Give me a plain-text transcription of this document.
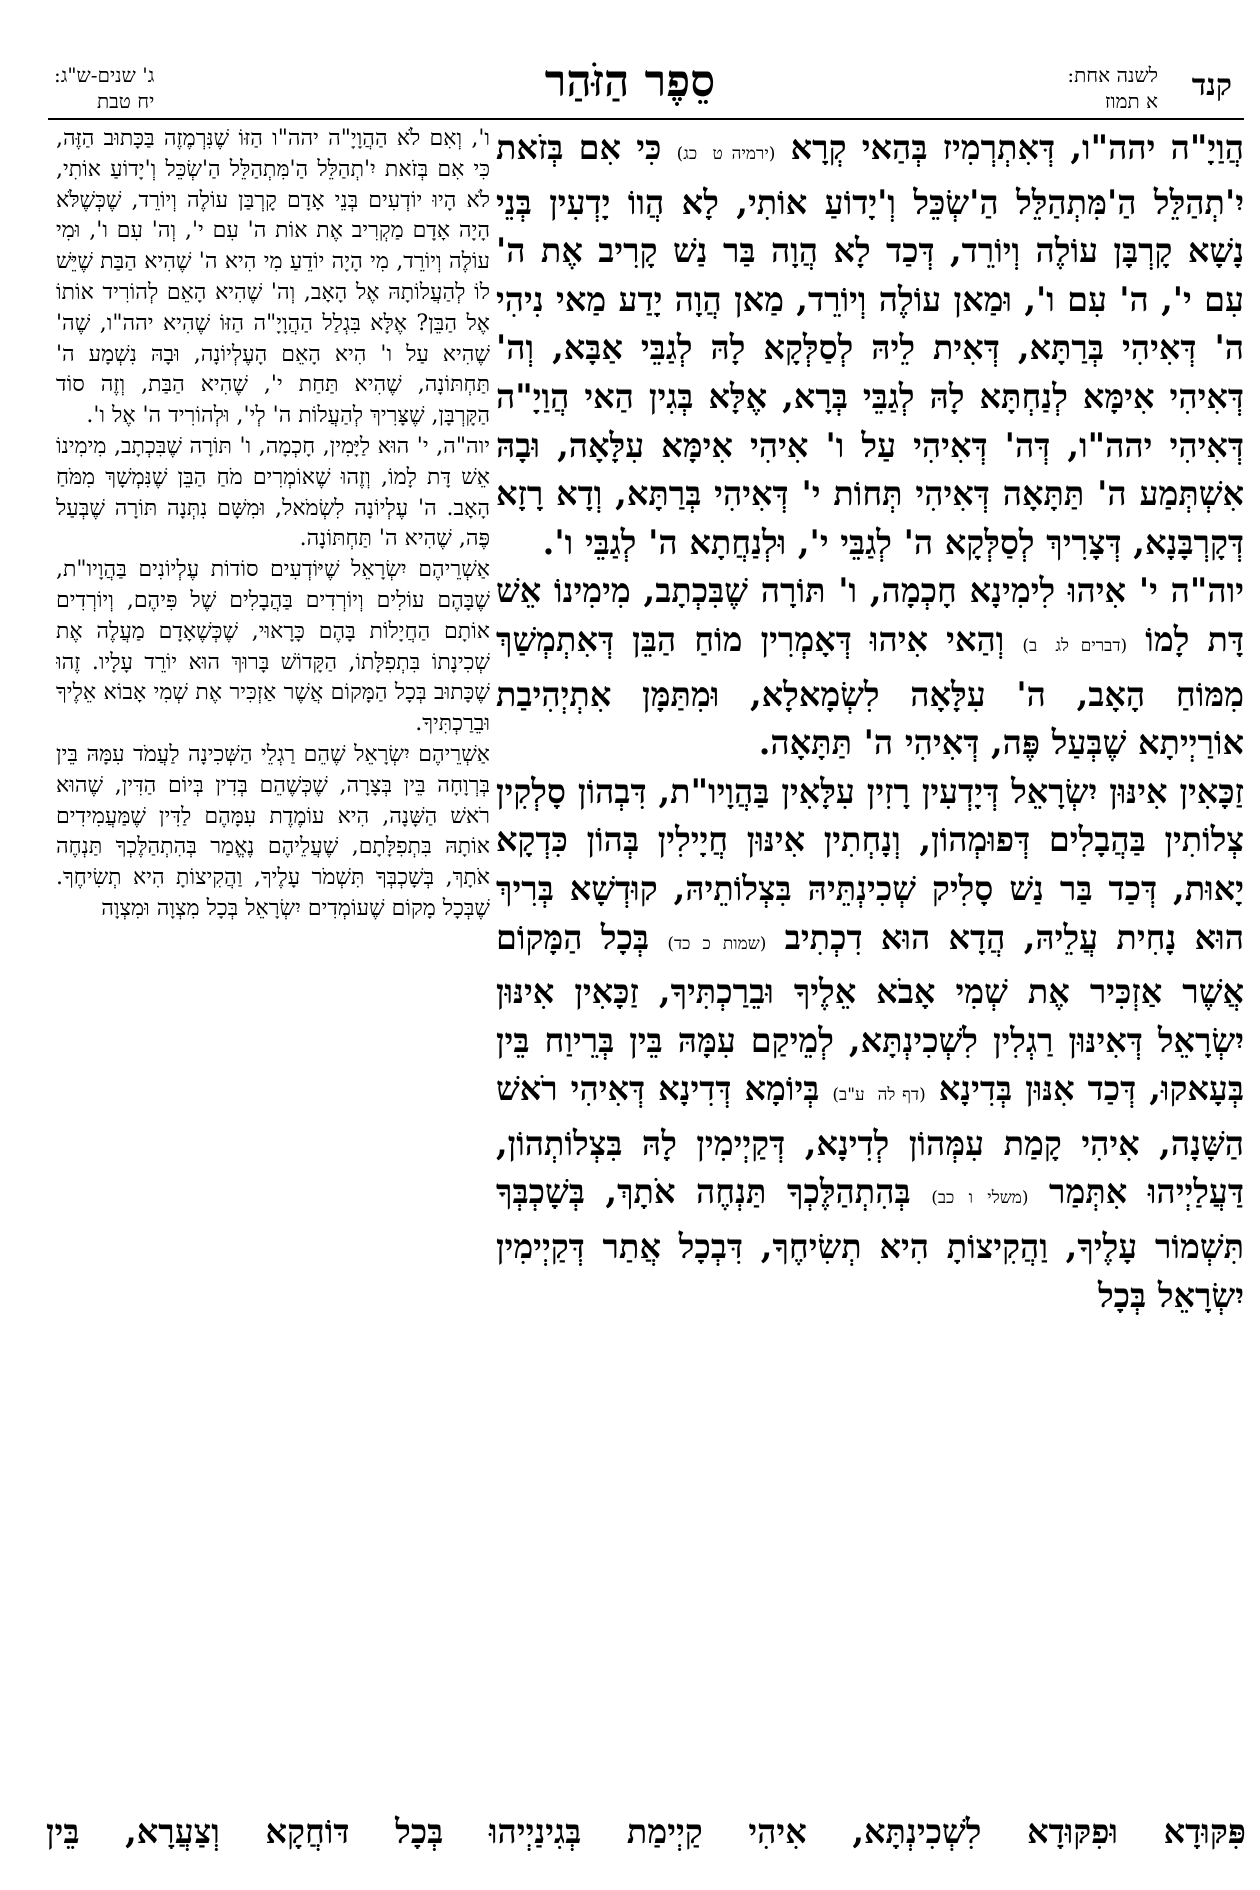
קנד
לשנה אחת:
א תמוז
סֵפֶר הַזֹּהַר
ג' שנים-ש"ג:
יח טבת

הֲוַיָ"ה יהה"ו, דְּאִתְרְמִיז בְּהַאי קְרָא (ירמיה ט כג) כִּי אִם בְּזֹאת יִ'תְהַלֵּל הַ'מִּתְהַלֵּל הַ'שְׂכֵּל וְ'יָדוֹעַ אוֹתִי, לָא הֲווֹ יָדְעִין בְּנֵי נָשָׁא קָרְבָּן עוֹלֶה וְיוֹרֵד, דְּכַד לָא הֲוָה בַּר נַשׁ קָרִיב אֶת ה' עִם י', ה' עִם ו', וּמַאן עוֹלֶה וְיוֹרֵד, מַאן הֲוָה יָדַע מַאי נִיהִי ה' דְּאִיהִי בְּרַתָּא, דְּאִית לֵיהּ לְסַלְּקָא לָהּ לְגַבֵּי אַבָּא, וְה' דְּאִיהִי אִימָּא לְנַחְתָּא לָהּ לְגַבֵּי בְּרָא, אֶלָּא בְּגִין הַאי הֲוַיָ"ה דְּאִיהִי יהה"ו, דְּה' דְּאִיהִי עַל ו' אִיהִי אִימָּא עִלָּאָה, וּבָהּ אִשְׁתְּמַע ה' תַּתָּאָה דְּאִיהִי תְּחוֹת י' דְּאִיהִי בְּרַתָּא, וְדָא רָזָא דְּקָרְבָּנָא, דְּצָרִיךְ לְסַלְּקָא ה' לְגַבֵּי י', וּלְנַחֲתָא ה' לְגַבֵּי ו'.

יוה"ה י' אִיהוּ לִימִינָא חָכְמָה, ו' תּוֹרָה שֶׁבִּכְתָב, מִימִינוֹ אֵשׁ דָּת לָמוֹ (דברים לג ב) וְהַאי אִיהוּ דְּאָמְרִין מוֹחַ הַבֵּן דְּאִתְמְשַׁךְ מִמּוֹחַ הָאָב, ה' עִלָּאָה לִשְׂמָאלָא, וּמִתַּמָּן אִתְיְהִיבַת אוֹרַיְיתָא שֶׁבְּעַל פֶּה, דְּאִיהִי ה' תַּתָּאָה.

זַכָּאִין אִינּוּן יִשְׂרָאֵל דְּיָדְעִין רָזִין עִלָּאִין בַּהֲוָיו"ת, דִּבְהוֹן סָלְקִין צְלוֹתִין בַּהֲבָלִים דְּפוּמְהוֹן, וְנָחְתִין אִינּוּן חֲיָילִין בְּהוֹן כִּדְקָא יָאוּת, דְּכַד בַּר נַשׁ סָלִיק שְׁכִינְתֵּיהּ בִּצְלוֹתֵיהּ, קוּדְשָׁא בְּרִיךְ הוּא נָחִית עֲלֵיהּ, הֲדָא הוּא דִכְתִיב (שמות כ כד) בְּכָל הַמָּקוֹם אֲשֶׁר אַזְכִּיר אֶת שְׁמִי אָבֹא אֵלֶיךָ וּבֵרַכְתִּיךָ, זַכָּאִין אִינּוּן יִשְׂרָאֵל דְּאִינּוּן רַגְלִין לִשְׁכִינְתָּא, לְמֵיקַם עִמָּהּ בֵּין בְּרֵיוַח בֵּין בְּעָאקוּ, דְּכַד אִנּוּן בְּדִינָא (דף לה ע"ב) בְּיוֹמָא דְּדִינָא דְּאִיהִי רֹאשׁ הַשָּׁנָה, אִיהִי קָמַת עִמְּהוֹן לְדִינָא, דְּקַיְימִין לָהּ בִּצְלוֹתְהוֹן, דַּעֲלַיְיהוּ אִתְּמַר (משלי ו כב) בְּהִתְהַלֶּכְךָ תַּנְחֶה אֹתָךְ, בְּשָׁכְבְּךָ תִּשְׁמוֹר עָלֶיךָ, וַהֲקִיצוֹתָ הִיא תְשִׂיחֶךָ, דִּבְכָל אֲתַר דְּקַיְימִין יִשְׂרָאֵל בְּכָל

ו', וְאִם לֹא הַהֲוָיָ"ה יהה"ו הַזּוֹ שֶׁנִּרְמֶזֶה בַּכָּתוּב הַזֶּה, כִּי אִם בְּזֹאת יִ'תְהַלֵּל הַ'מִּתְהַלֵּל הַ'שְׂכֵּל וְ'יָדוֹעַ אוֹתִי, לֹא הָיוּ יוֹדְעִים בְּנֵי אָדָם קָרְבַּן עוֹלֶה וְיוֹרֵד, שֶׁכְּשֶׁלֹּא הָיָה אָדָם מַקְרִיב אֶת אוֹת ה' עִם י', וְה' עִם ו', וּמִי עוֹלֶה וְיוֹרֵד, מִי הָיָה יוֹדֵעַ מִי הִיא ה' שֶׁהִיא הַבַּת שֶׁיֵּשׁ לוֹ לְהַעֲלוֹתָהּ אֶל הָאָב, וְה' שֶׁהִיא הָאֵם לְהוֹרִיד אוֹתוֹ אֶל הַבֵּן? אֶלָּא בִּגְלַל הַהֲוָיָ"ה הַזּוֹ שֶׁהִיא יהה"ו, שֶׁה' שֶׁהִיא עַל ו' הִיא הָאֵם הָעֶלְיוֹנָה, וּבָהּ נִשְׁמָע ה' תַּחְתּוֹנָה, שֶׁהִיא תַּחַת י', שֶׁהִיא הַבַּת, וְזֶה סוֹד הַקָּרְבָּן, שֶׁצָּרִיךְ לְהַעֲלוֹת ה' לְי', וּלְהוֹרִיד ה' אֶל ו'.

יוה"ה, י' הוּא לַיָּמִין, חָכְמָה, ו' תּוֹרָה שֶׁבִּכְתָב, מִימִינוֹ אֵשׁ דָּת לָמוֹ, וְזֶהוּ שֶׁאוֹמְרִים מֹחַ הַבֵּן שֶׁנִּמְשָׁךְ מִמֹּחַ הָאָב. ה' עֶלְיוֹנָה לִשְׂמֹאל, וּמִשָּׁם נִתְּנָה תּוֹרָה שֶׁבְּעַל פֶּה, שֶׁהִיא ה' תַּחְתּוֹנָה.

אַשְׁרֵיהֶם יִשְׂרָאֵל שֶׁיּוֹדְעִים סוֹדוֹת עֶלְיוֹנִים בַּהֲוָיו"ת, שֶׁבָּהֶם עוֹלִים וְיוֹרְדִים בַּהֲבָלִים שֶׁל פִּיהֶם, וְיוֹרְדִים אוֹתָם הַחֲיָלוֹת בָּהֶם כָּרָאוּי, שֶׁכְּשֶׁאָדָם מַעֲלֶה אֶת שְׁכִינָתוֹ בִּתְפִלָּתוֹ, הַקָּדוֹשׁ בָּרוּךְ הוּא יוֹרֵד עָלָיו. זֶהוּ שֶׁכָּתוּב בְּכָל הַמָּקוֹם אֲשֶׁר אַזְכִּיר אֶת שְׁמִי אָבוֹא אֵלֶיךָ וּבֵרַכְתִּיךָ.

אַשְׁרֵיהֶם יִשְׂרָאֵל שֶׁהֵם רַגְלֵי הַשְּׁכִינָה לַעֲמֹד עִמָּהּ בֵּין בְּרְוָחָה בֵּין בְּצָרָה, שֶׁכְּשֶׁהֵם בְּדִין בְּיוֹם הַדִּין, שֶׁהוּא רֹאשׁ הַשָּׁנָה, הִיא עוֹמֶדֶת עִמָּהֶם לַדִּין שֶׁמַּעֲמִידִים אוֹתָהּ בִּתְפִלָּתָם, שֶׁעֲלֵיהֶם נֶאֱמַר בְּהִתְהַלֶּכְךָ תַּנְחֶה אֹתָךְ, בְּשָׁכְבְּךָ תִּשְׁמֹר עָלֶיךָ, וַהֲקִיצוֹתָ הִיא תְשִׂיחֶךָ. שֶׁבְּכָל מָקוֹם שֶׁעוֹמְדִים יִשְׂרָאֵל בְּכָל מִצְוָה וּמִצְוָה

פִּקּוּדָא וּפִקּוּדָא לִשְׁכִינְתָּא, אִיהִי קַיְימַת בְּגִינַיְיהוּ בְּכָל דּוֹחֲקָא וְצַעֲרָא, בֵּין
